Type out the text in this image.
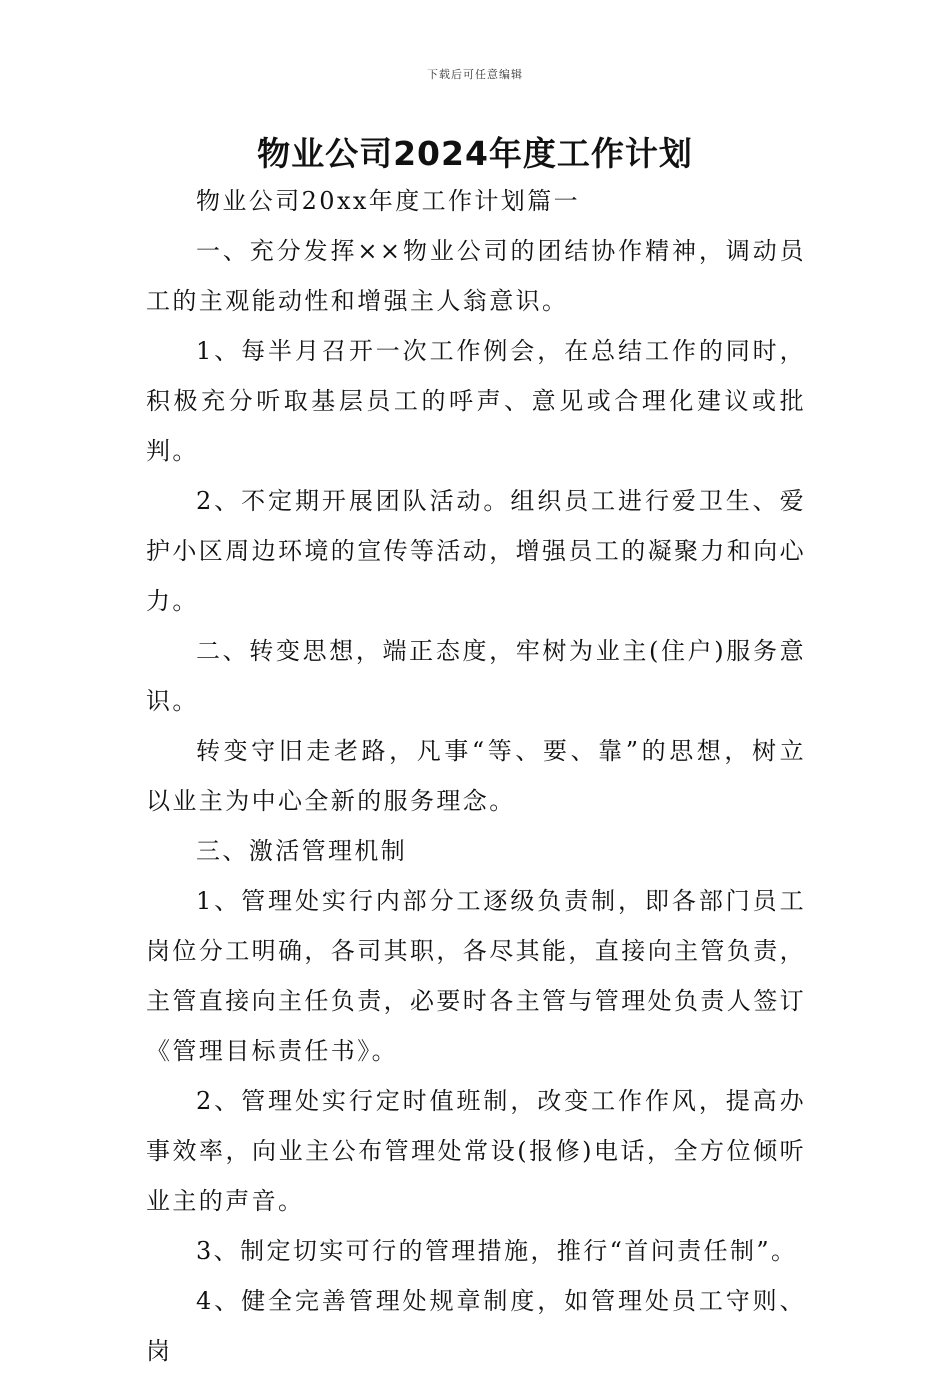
下载后可任意编辑
物业公司2024年度工作计划

物业公司20xx年度工作计划篇一

一、充分发挥××物业公司的团结协作精神，调动员工的主观能动性和增强主人翁意识。

1、每半月召开一次工作例会，在总结工作的同时，积极充分听取基层员工的呼声、意见或合理化建议或批判。

2、不定期开展团队活动。组织员工进行爱卫生、爱护小区周边环境的宣传等活动，增强员工的凝聚力和向心力。

二、转变思想，端正态度，牢树为业主(住户)服务意识。

转变守旧走老路，凡事“等、要、靠”的思想，树立以业主为中心全新的服务理念。

三、激活管理机制

1、管理处实行内部分工逐级负责制，即各部门员工岗位分工明确，各司其职，各尽其能，直接向主管负责，主管直接向主任负责，必要时各主管与管理处负责人签订《管理目标责任书》。

2、管理处实行定时值班制，改变工作作风，提高办事效率，向业主公布管理处常设(报修)电话，全方位倾听业主的声音。

3、制定切实可行的管理措施，推行“首问责任制”。

4、健全完善管理处规章制度，如管理处员工守则、岗
